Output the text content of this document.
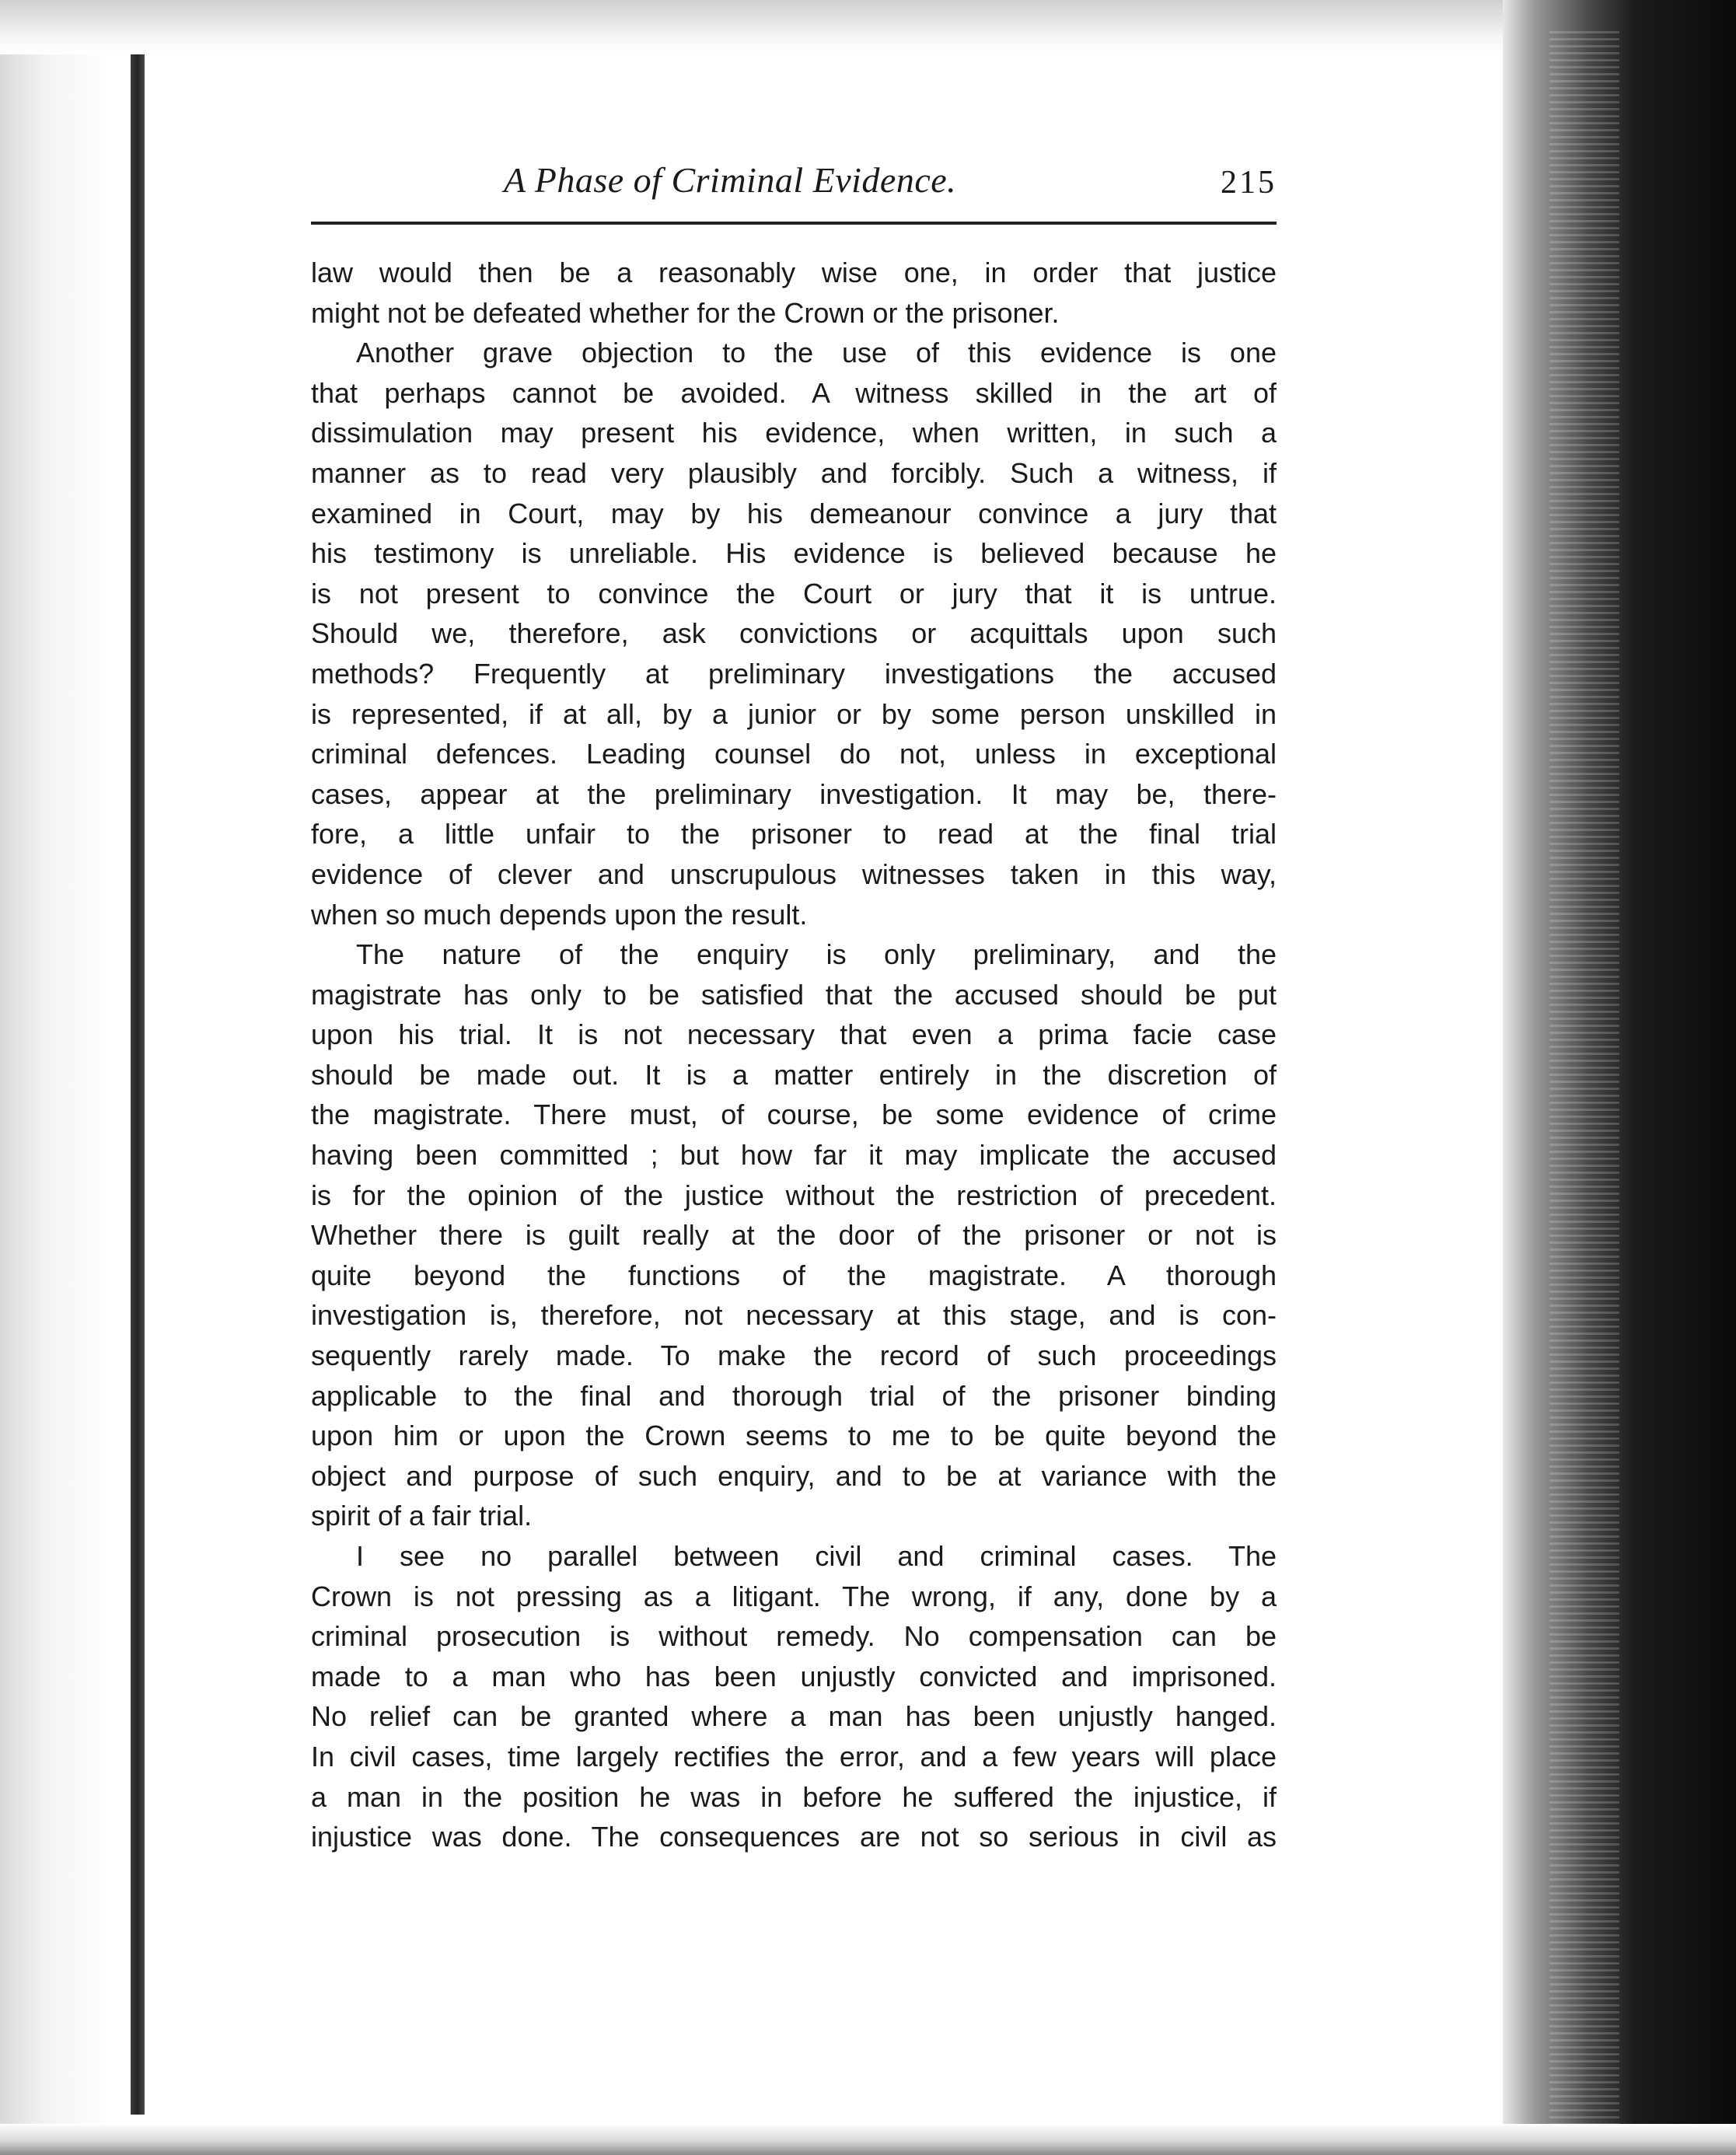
A Phase of Criminal Evidence.	215
law would then be a reasonably wise one, in order that justice
might not be defeated whether for the Crown or the prisoner.
Another grave objection to the use of this evidence is one
that perhaps cannot be avoided. A witness skilled in the art of
dissimulation may present his evidence, when written, in such a
manner as to read very plausibly and forcibly. Such a witness, if
examined in Court, may by his demeanour convince a jury that
his testimony is unreliable. His evidence is believed because he
is not present to convince the Court or jury that it is untrue.
Should we, therefore, ask convictions or acquittals upon such
methods? Frequently at preliminary investigations the accused
is represented, if at all, by a junior or by some person unskilled in
criminal defences. Leading counsel do not, unless in exceptional
cases, appear at the preliminary investigation. It may be, there-
fore, a little unfair to the prisoner to read at the final trial
evidence of clever and unscrupulous witnesses taken in this way,
when so much depends upon the result.
The nature of the enquiry is only preliminary, and the
magistrate has only to be satisfied that the accused should be put
upon his trial. It is not necessary that even a prima facie case
should be made out. It is a matter entirely in the discretion of
the magistrate. There must, of course, be some evidence of crime
having been committed ; but how far it may implicate the accused
is for the opinion of the justice without the restriction of precedent.
Whether there is guilt really at the door of the prisoner or not is
quite beyond the functions of the magistrate. A thorough
investigation is, therefore, not necessary at this stage, and is con-
sequently rarely made. To make the record of such proceedings
applicable to the final and thorough trial of the prisoner binding
upon him or upon the Crown seems to me to be quite beyond the
object and purpose of such enquiry, and to be at variance with the
spirit of a fair trial.
I see no parallel between civil and criminal cases. The
Crown is not pressing as a litigant. The wrong, if any, done by a
criminal prosecution is without remedy. No compensation can be
made to a man who has been unjustly convicted and imprisoned.
No relief can be granted where a man has been unjustly hanged.
In civil cases, time largely rectifies the error, and a few years will place
a man in the position he was in before he suffered the injustice, if
injustice was done. The consequences are not so serious in civil as
